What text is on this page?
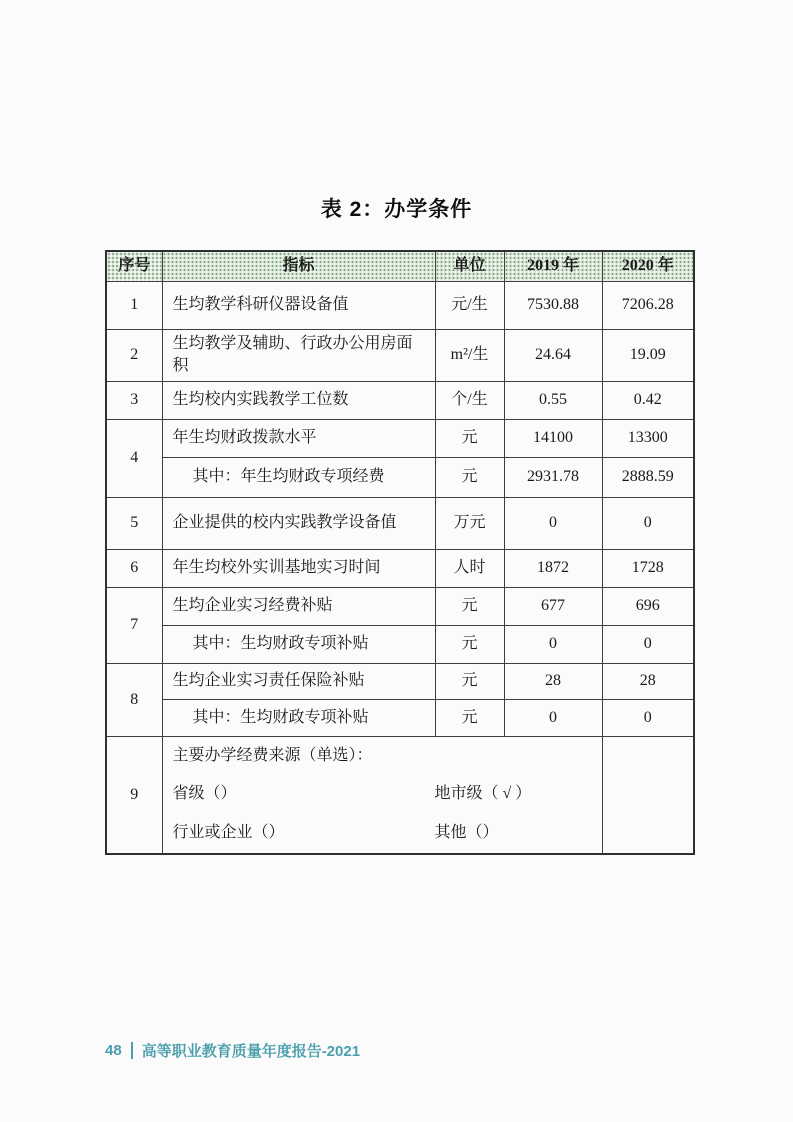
表 2：办学条件
序号	指标	单位	2019 年	2020 年
1	生均教学科研仪器设备值	元/生	7530.88	7206.28
2	生均教学及辅助、行政办公用房面积	m²/生	24.64	19.09
3	生均校内实践教学工位数	个/生	0.55	0.42
4	年生均财政拨款水平	元	14100	13300
	其中：年生均财政专项经费	元	2931.78	2888.59
5	企业提供的校内实践教学设备值	万元	0	0
6	年生均校外实训基地实习时间	人时	1872	1728
7	生均企业实习经费补贴	元	677	696
	其中：生均财政专项补贴	元	0	0
8	生均企业实习责任保险补贴	元	28	28
	其中：生均财政专项补贴	元	0	0
9	主要办学经费来源（单选）：
省级（） 地市级（ √ ）
行业或企业（） 其他（）			

48 高等职业教育质量年度报告-2021
